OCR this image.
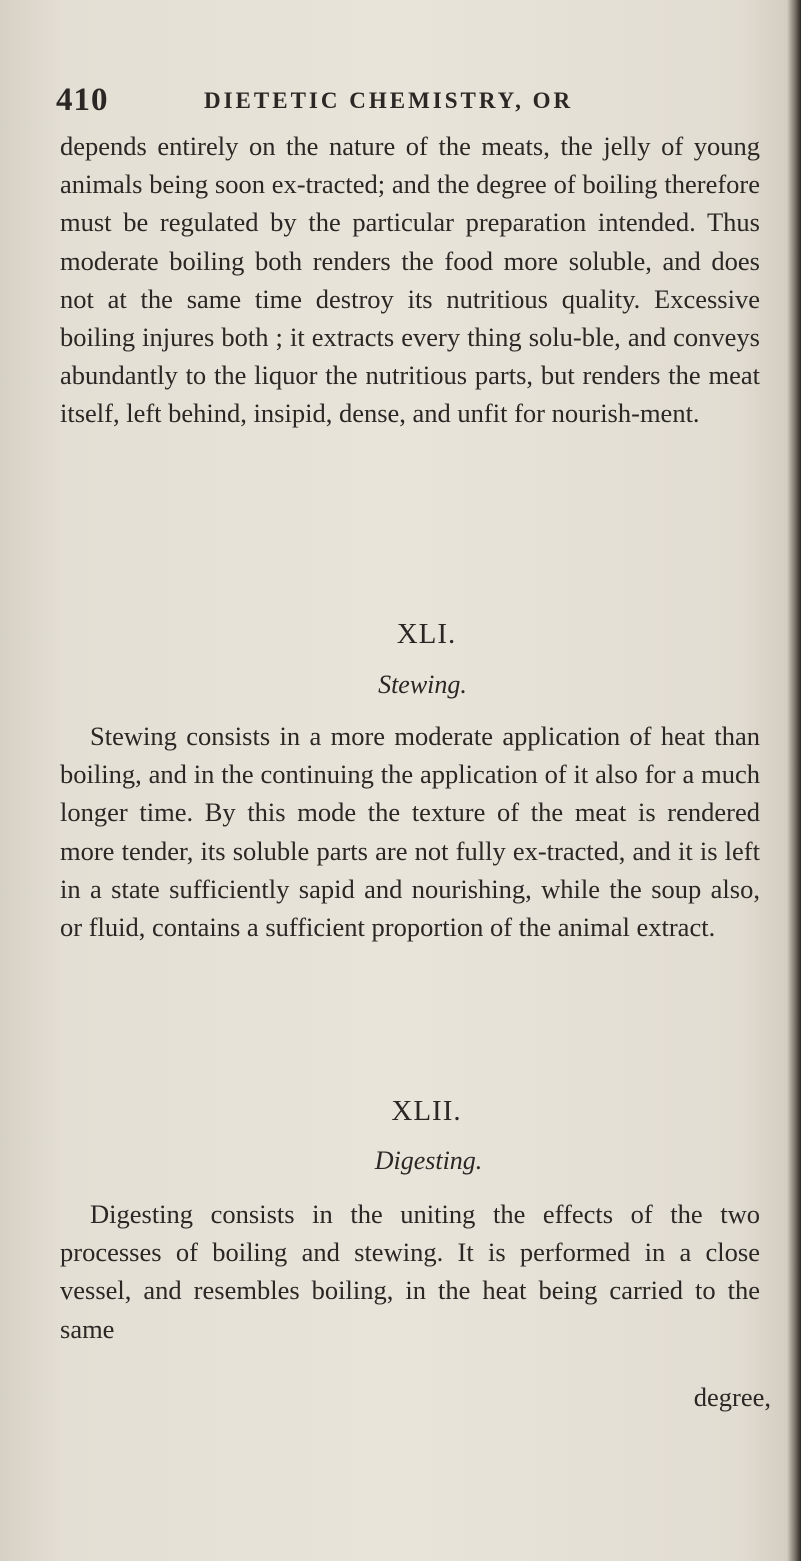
410	DIETETIC CHEMISTRY, OR

depends entirely on the nature of the meats, the jelly of young animals being soon ex-tracted; and the degree of boiling therefore must be regulated by the particular preparation intended. Thus moderate boiling both renders the food more soluble, and does not at the same time destroy its nutritious quality. Excessive boiling injures both ; it extracts every thing solu-ble, and conveys abundantly to the liquor the nutritious parts, but renders the meat itself, left behind, insipid, dense, and unfit for nourish-ment.

XLI.
Stewing.

Stewing consists in a more moderate application of heat than boiling, and in the continuing the application of it also for a much longer time. By this mode the texture of the meat is rendered more tender, its soluble parts are not fully ex-tracted, and it is left in a state sufficiently sapid and nourishing, while the soup also, or fluid, contains a sufficient proportion of the animal extract.

XLII.
Digesting.

Digesting consists in the uniting the effects of the two processes of boiling and stewing. It is performed in a close vessel, and resembles boiling, in the heat being carried to the same

degree,
